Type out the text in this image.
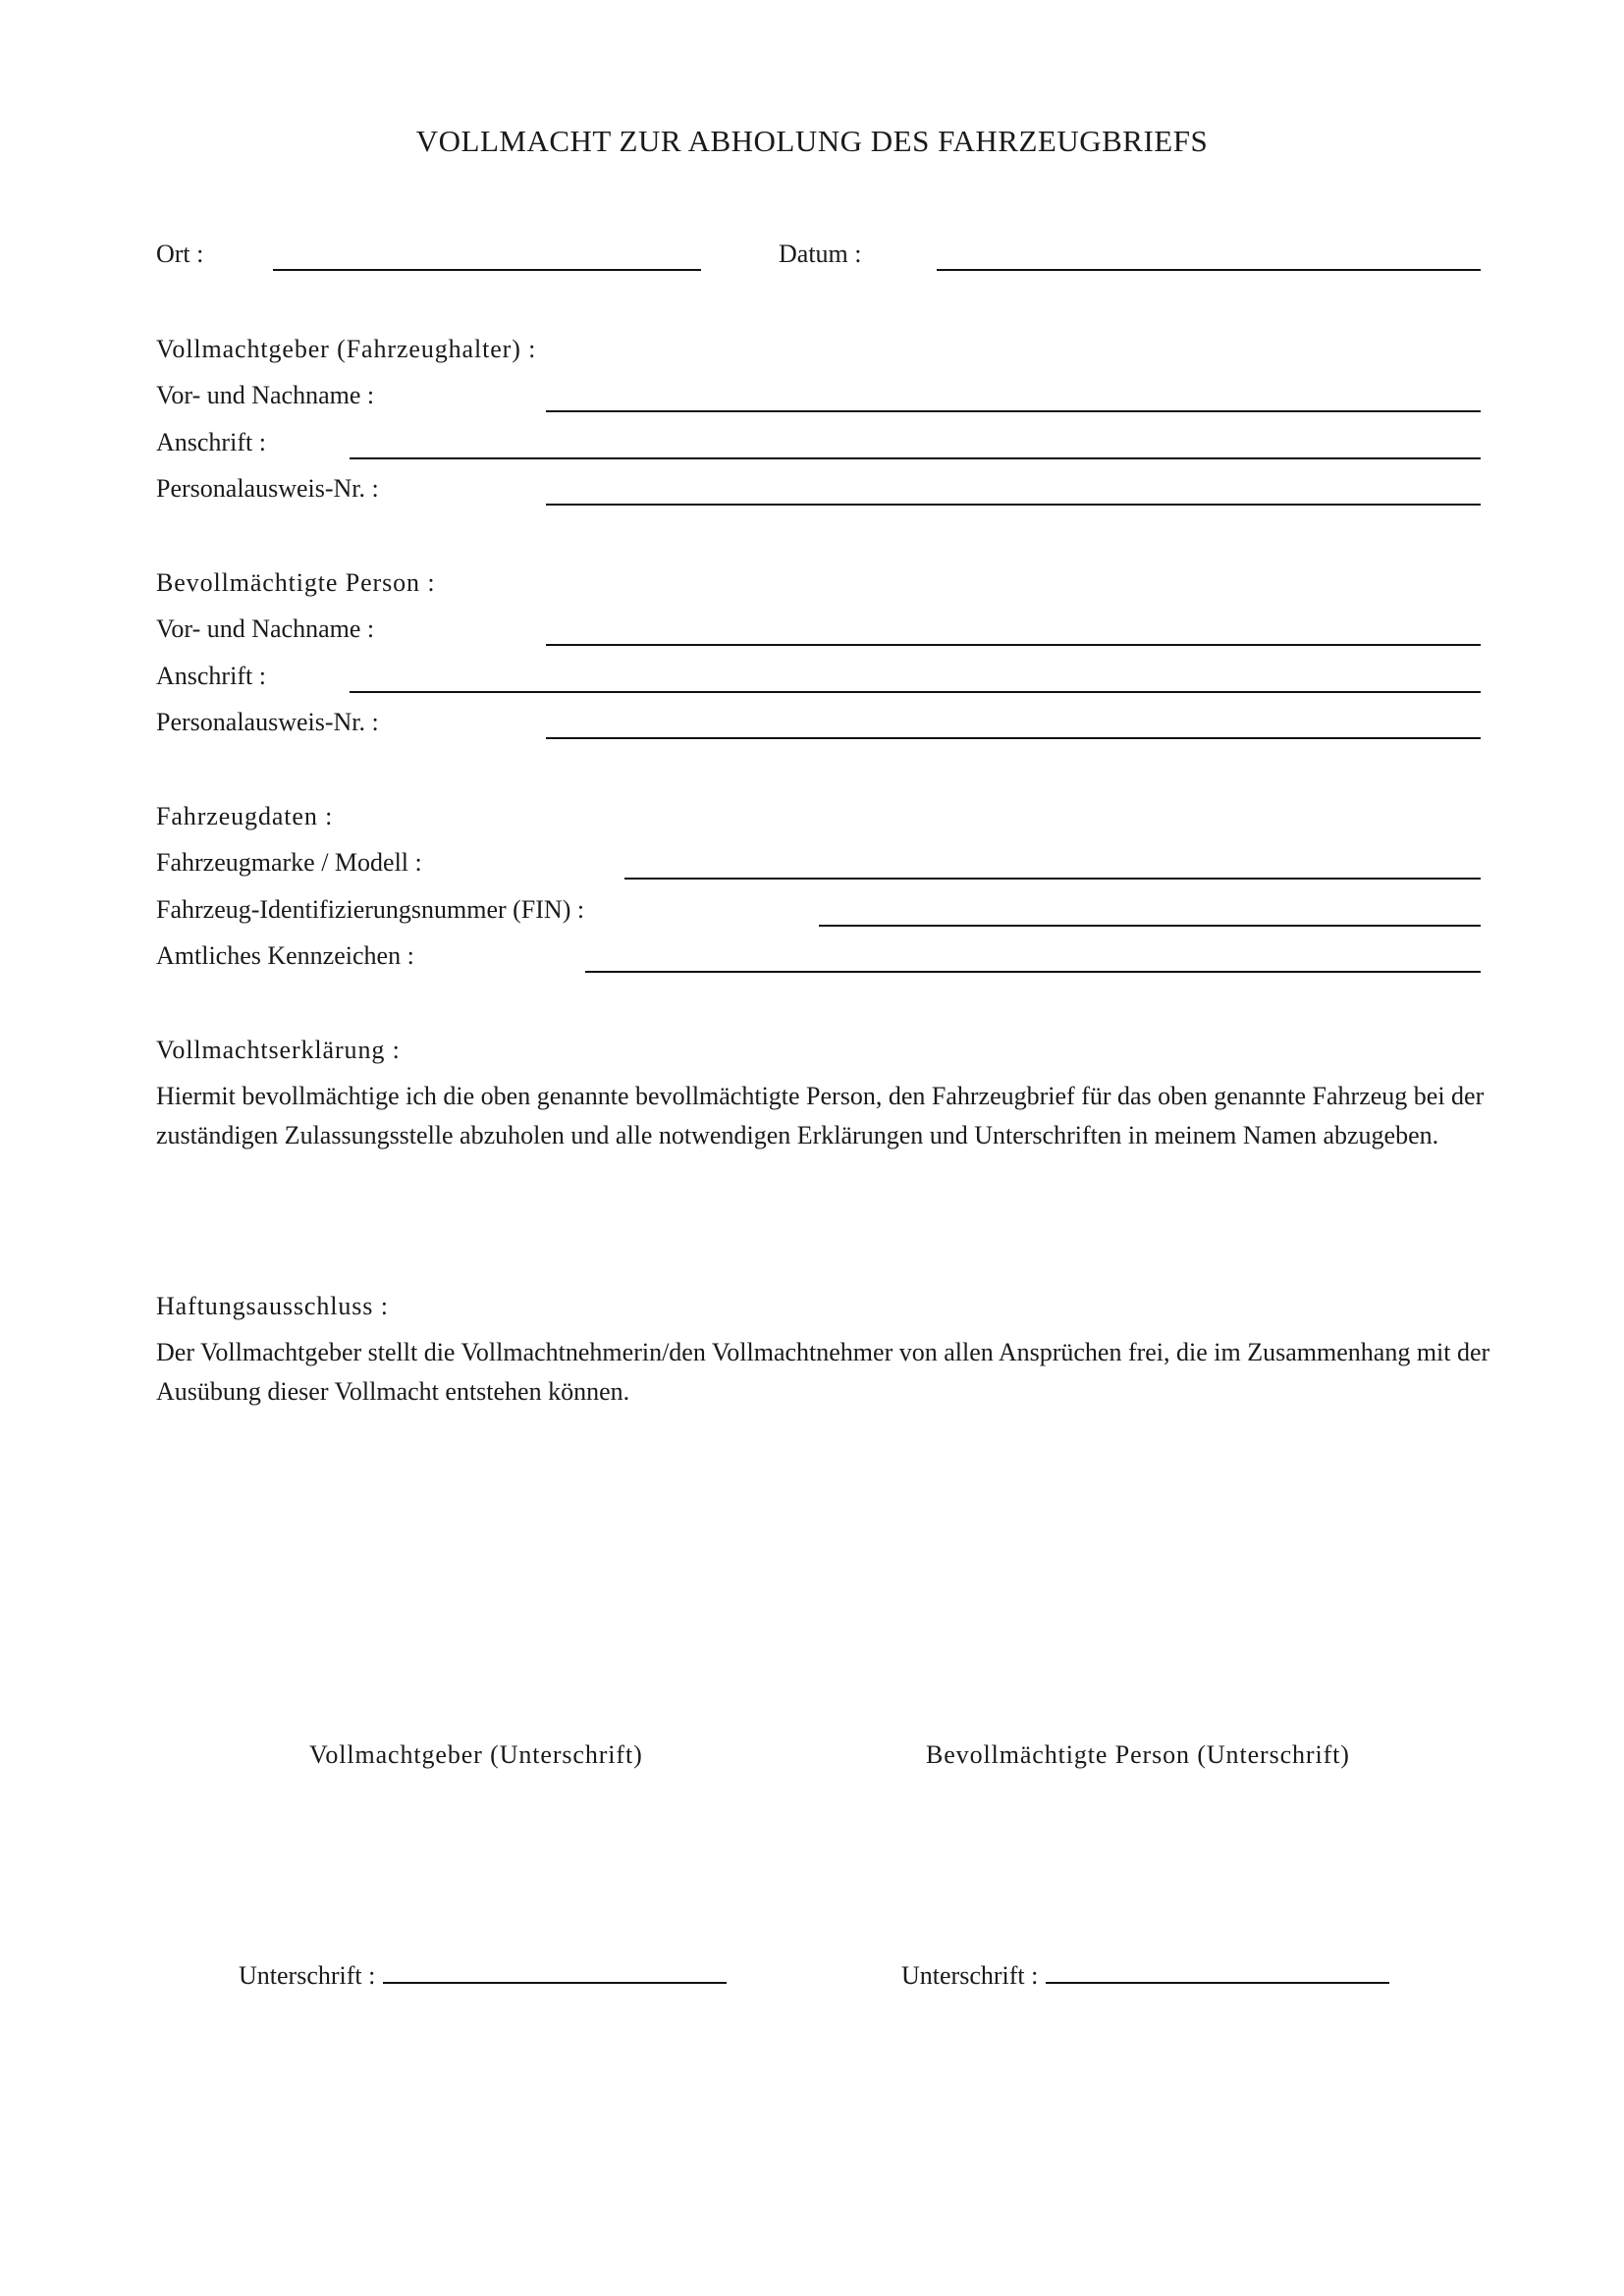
VOLLMACHT ZUR ABHOLUNG DES FAHRZEUGBRIEFS
Ort :	Datum :
Vollmachtgeber (Fahrzeughalter) :
Vor- und Nachname :
Anschrift :
Personalausweis-Nr. :
Bevollmächtigte Person :
Vor- und Nachname :
Anschrift :
Personalausweis-Nr. :
Fahrzeugdaten :
Fahrzeugmarke / Modell :
Fahrzeug-Identifizierungsnummer (FIN) :
Amtliches Kennzeichen :
Vollmachtserklärung :
Hiermit bevollmächtige ich die oben genannte bevollmächtigte Person, den Fahrzeugbrief für das oben genannte Fahrzeug bei der zuständigen Zulassungsstelle abzuholen und alle notwendigen Erklärungen und Unterschriften in meinem Namen abzugeben.
Haftungsausschluss :
Der Vollmachtgeber stellt die Vollmachtnehmerin/den Vollmachtnehmer von allen Ansprüchen frei, die im Zusammenhang mit der Ausübung dieser Vollmacht entstehen können.
Vollmachtgeber (Unterschrift)	Bevollmächtigte Person (Unterschrift)
Unterschrift :	Unterschrift :
